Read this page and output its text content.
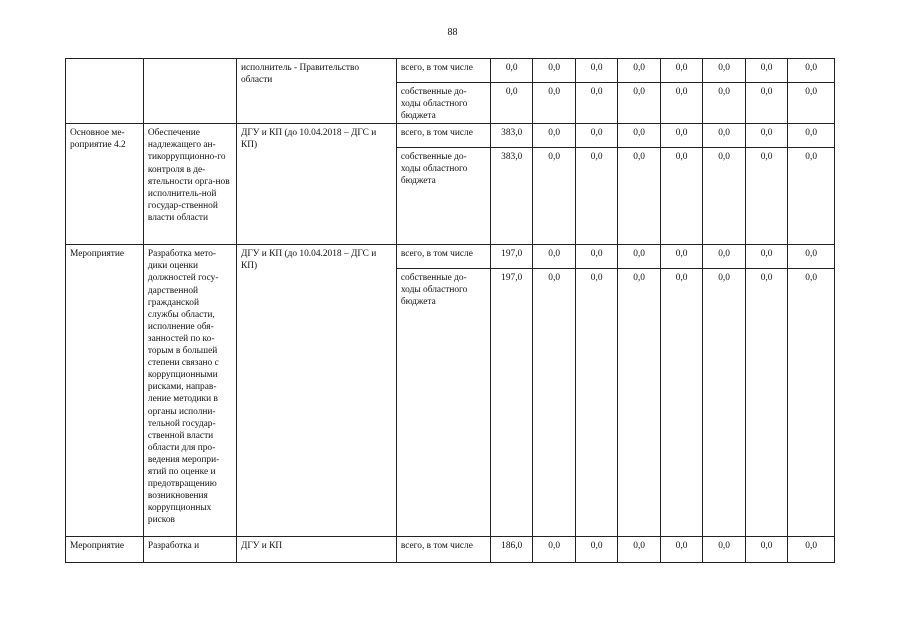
88
		исполнитель - Правительство области	всего, в том числе	0,0	0,0	0,0	0,0	0,0	0,0	0,0	0,0
			собственные до-ходы областного бюджета	0,0	0,0	0,0	0,0	0,0	0,0	0,0	0,0
Основное ме-роприятие 4.2	Обеспечение надлежащего ан-тикоррупционно-го контроля в де-ятельности орга-нов исполнитель-ной государ-ственной власти области	ДГУ и КП (до 10.04.2018 – ДГС и КП)	всего, в том числе	383,0	0,0	0,0	0,0	0,0	0,0	0,0	0,0
			собственные до-ходы областного бюджета	383,0	0,0	0,0	0,0	0,0	0,0	0,0	0,0
Мероприятие	Разработка мето-дики оценки должностей госу-дарственной гражданской службы области, исполнение обя-занностей по ко-торым в большей степени связано с коррупционными рисками, направ-ление методики в органы исполни-тельной государ-ственной власти области для про-ведения меропри-ятий по оценке и предотвращению возникновения коррупционных рисков	ДГУ и КП (до 10.04.2018 – ДГС и КП)	всего, в том числе	197,0	0,0	0,0	0,0	0,0	0,0	0,0	0,0
			собственные до-ходы областного бюджета	197,0	0,0	0,0	0,0	0,0	0,0	0,0	0,0
Мероприятие	Разработка и	ДГУ и КП	всего, в том числе	186,0	0,0	0,0	0,0	0,0	0,0	0,0	0,0
